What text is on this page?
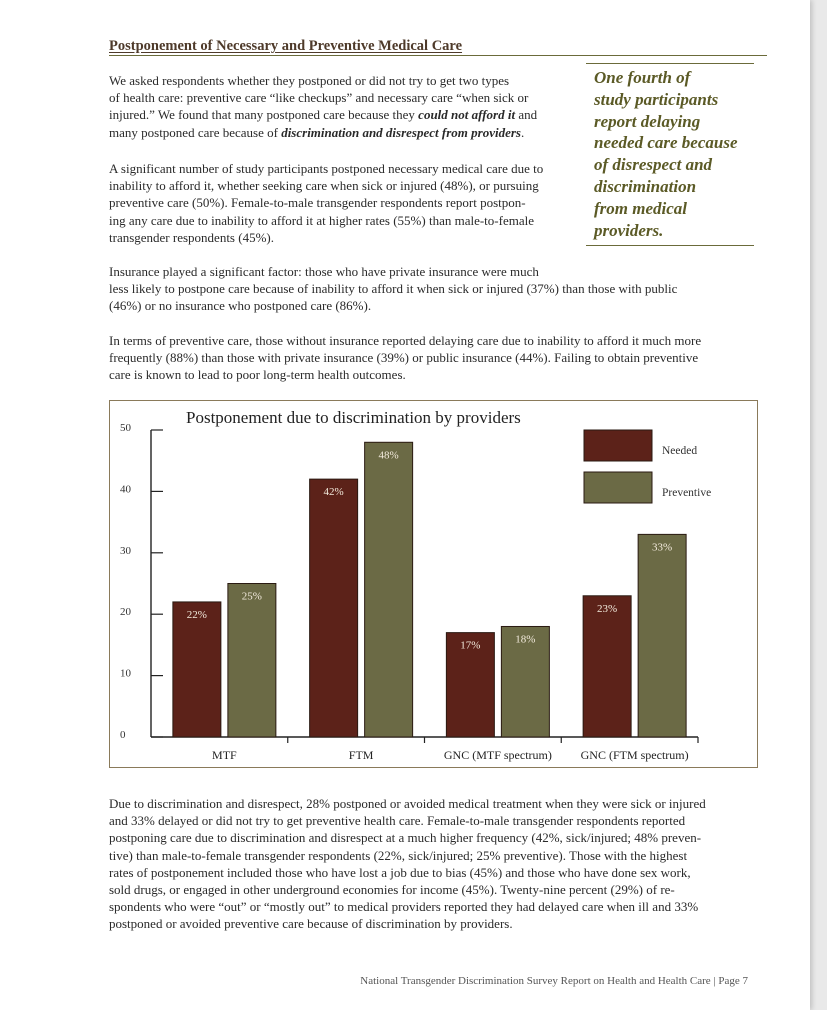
Postponement of Necessary and Preventive Medical Care

We asked respondents whether they postponed or did not try to get two types
of health care: preventive care “like checkups” and necessary care “when sick or
injured.” We found that many postponed care because they could not afford it and
many postponed care because of discrimination and disrespect from providers.

A significant number of study participants postponed necessary medical care due to
inability to afford it, whether seeking care when sick or injured (48%), or pursuing
preventive care (50%). Female-to-male transgender respondents report postpon-
ing any care due to inability to afford it at higher rates (55%) than male-to-female
transgender respondents (45%).

One fourth of
study participants
report delaying
needed care because
of disrespect and
discrimination
from medical
providers.

Insurance played a significant factor: those who have private insurance were much
less likely to postpone care because of inability to afford it when sick or injured (37%) than those with public
(46%) or no insurance who postponed care (86%).

In terms of preventive care, those without insurance reported delaying care due to inability to afford it much more
frequently (88%) than those with private insurance (39%) or public insurance (44%). Failing to obtain preventive
care is known to lead to poor long-term health outcomes.

Postponement due to discrimination by providers
0
10
20
30
40
50
22%
25%
MTF
42%
48%
FTM
17%
18%
GNC (MTF spectrum)
23%
33%
GNC (FTM spectrum)
Needed
Preventive

Due to discrimination and disrespect, 28% postponed or avoided medical treatment when they were sick or injured
and 33% delayed or did not try to get preventive health care. Female-to-male transgender respondents reported
postponing care due to discrimination and disrespect at a much higher frequency (42%, sick/injured; 48% preven-
tive) than male-to-female transgender respondents (22%, sick/injured; 25% preventive). Those with the highest
rates of postponement included those who have lost a job due to bias (45%) and those who have done sex work,
sold drugs, or engaged in other underground economies for income (45%). Twenty-nine percent (29%) of re-
spondents who were “out” or “mostly out” to medical providers reported they had delayed care when ill and 33%
postponed or avoided preventive care because of discrimination by providers.

National Transgender Discrimination Survey Report on Health and Health Care | Page 7
